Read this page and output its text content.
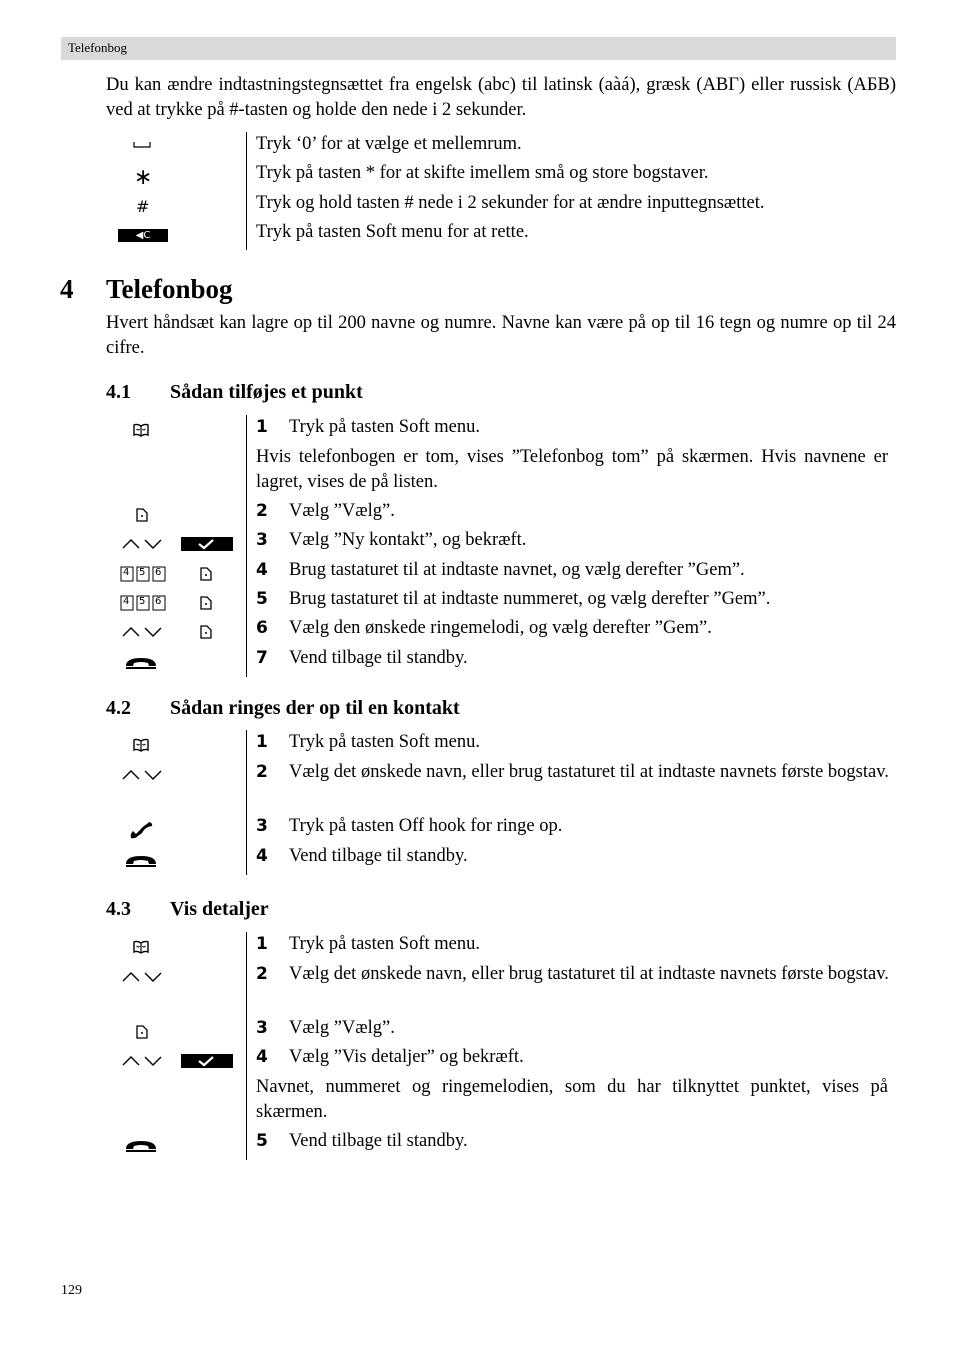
Telefonbog
Du kan ændre indtastningstegnsættet fra engelsk (abc) til latinsk (aàá), græsk (ΑΒΓ) eller russisk (АБВ) ved at trykke på #-tasten og holde den nede i 2 sekunder.
Tryk ‘0’ for at vælge et mellemrum.
∗	Tryk på tasten * for at skifte imellem små og store bogstaver.
#	Tryk og hold tasten # nede i 2 sekunder for at ændre inputtegnsættet.
◀C	Tryk på tasten Soft menu for at rette.
4 Telefonbog
Hvert håndsæt kan lagre op til 200 navne og numre. Navne kan være på op til 16 tegn og numre op til 24 cifre.
4.1 Sådan tilføjes et punkt
1 Tryk på tasten Soft menu.
Hvis telefonbogen er tom, vises ”Telefonbog tom” på skærmen. Hvis navnene er lagret, vises de på listen.
2 Vælg ”Vælg”.
3 Vælg ”Ny kontakt”, og bekræft.
4 5 6	4 Brug tastaturet til at indtaste navnet, og vælg derefter ”Gem”.
4 5 6	5 Brug tastaturet til at indtaste nummeret, og vælg derefter ”Gem”.
6 Vælg den ønskede ringemelodi, og vælg derefter ”Gem”.
7 Vend tilbage til standby.
4.2 Sådan ringes der op til en kontakt
1 Tryk på tasten Soft menu.
2 Vælg det ønskede navn, eller brug tastaturet til at indtaste navnets første bogstav.
3 Tryk på tasten Off hook for ringe op.
4 Vend tilbage til standby.
4.3 Vis detaljer
1 Tryk på tasten Soft menu.
2 Vælg det ønskede navn, eller brug tastaturet til at indtaste navnets første bogstav.
3 Vælg ”Vælg”.
4 Vælg ”Vis detaljer” og bekræft.
Navnet, nummeret og ringemelodien, som du har tilknyttet punktet, vises på skærmen.
5 Vend tilbage til standby.
129
